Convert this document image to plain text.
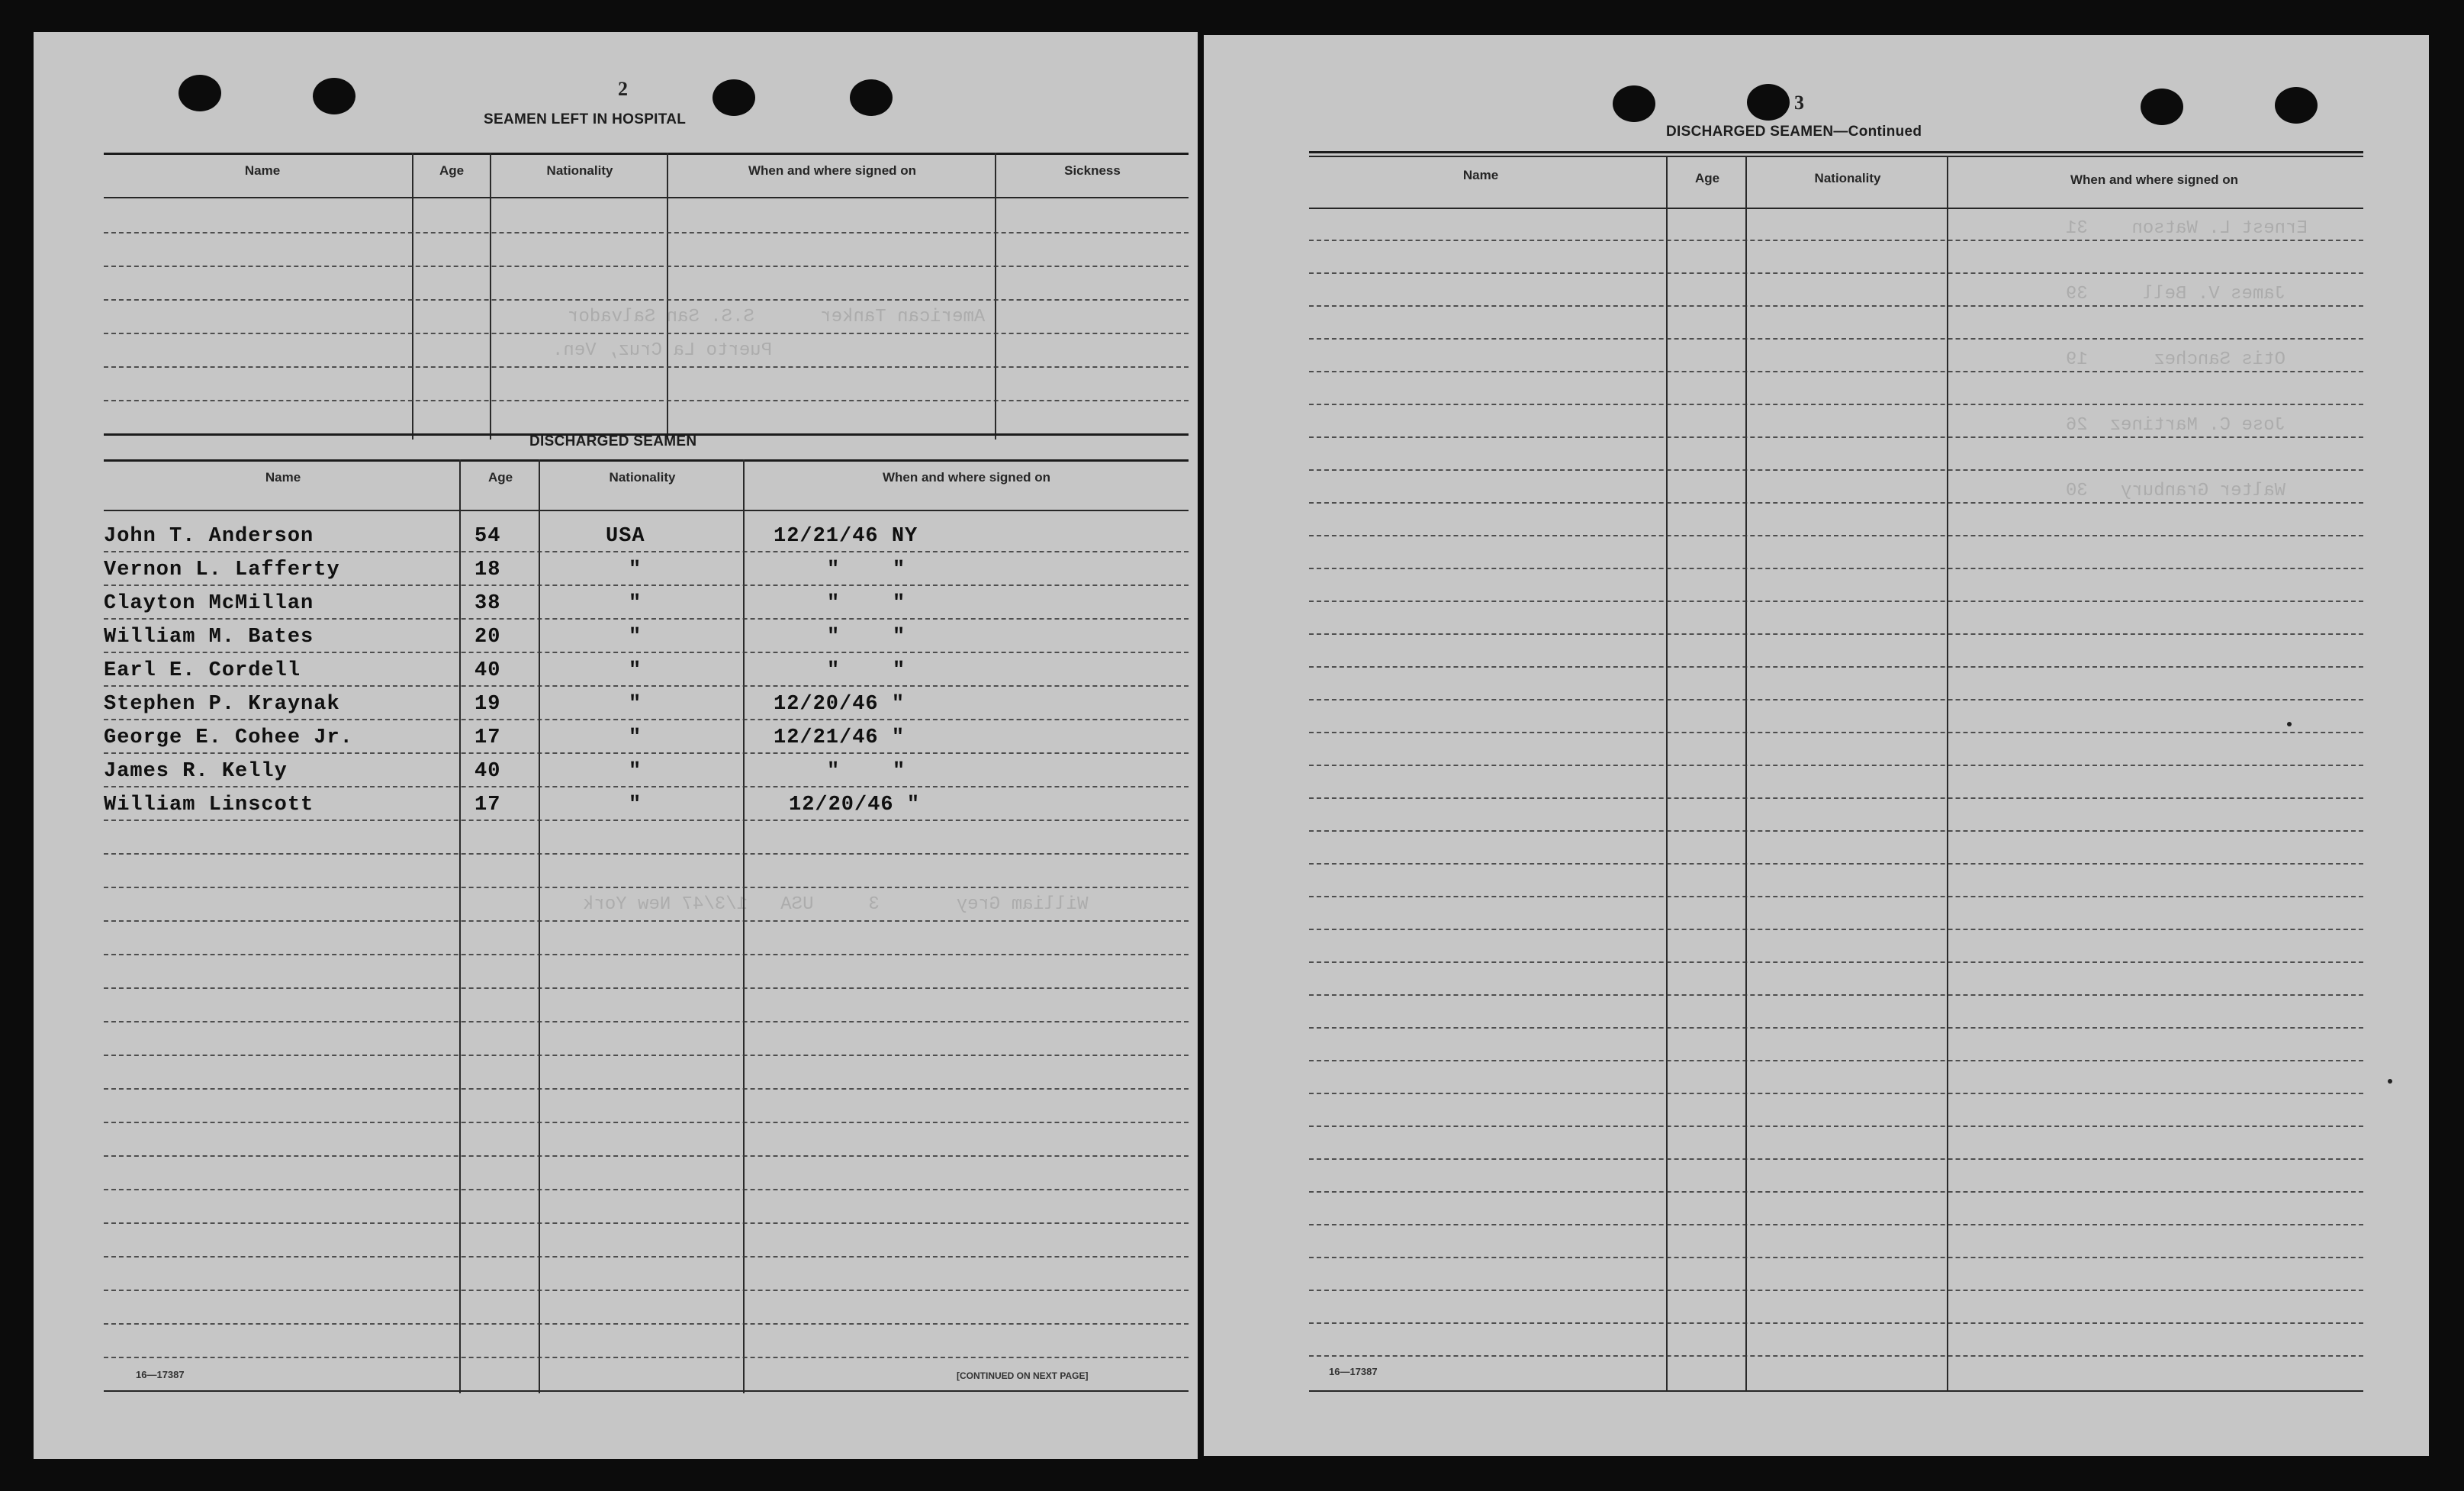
American Tanker      S.S. San Salvador
Puerto La Cruz, Ven.
William Grey       3     USA   1/3/47 New York
2
SEAMEN LEFT IN HOSPITAL
Name	Age	Nationality	When and where signed on	Sickness
DISCHARGED SEAMEN
Name	Age	Nationality	When and where signed on
John T. Anderson	54	USA	12/21/46 NY
Vernon L. Lafferty	18	"	"    "
Clayton McMillan	38	"	"    "
William M. Bates	20	"	"    "
Earl E. Cordell	40	"	"    "
Stephen P. Kraynak	19	"	12/20/46 "
George E. Cohee Jr.	17	"	12/21/46 "
James R. Kelly	40	"	"    "
William Linscott	17	"	12/20/46 "
16—17387	[CONTINUED ON NEXT PAGE]
Ernest L. Watson    31
James V. Bell     39
Otis Sanchez      19
Jose C. Martinez  26
Walter Granbury   30
3
DISCHARGED SEAMEN—Continued
Name	Age	Nationality	When and where signed on
16—17387
